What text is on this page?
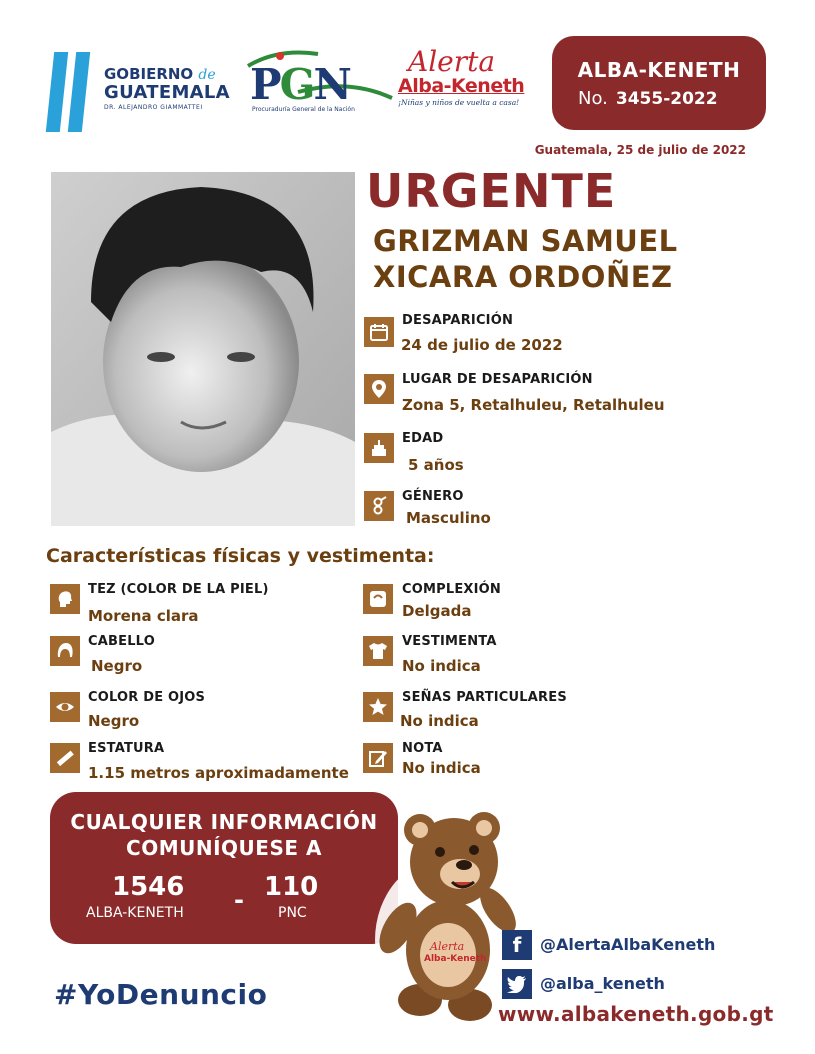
GOBIERNO de
GUATEMALA
DR. ALEJANDRO GIAMMATTEI	PGN
Procuraduría General de la Nación
Alerta
Alba-Keneth
¡Niñas y niños de vuelta a casa!
ALBA-KENETH
No. 3455-2022
Guatemala, 25 de julio de 2022
URGENTE
GRIZMAN SAMUEL
XICARA ORDOÑEZ
DESAPARICIÓN
24 de julio de 2022
LUGAR DE DESAPARICIÓN
Zona 5, Retalhuleu, Retalhuleu
EDAD
5 años
GÉNERO
Masculino
Características físicas y vestimenta:
TEZ (COLOR DE LA PIEL)
Morena clara
CABELLO
Negro
COLOR DE OJOS
Negro
ESTATURA
1.15 metros aproximadamente
COMPLEXIÓN
Delgada
VESTIMENTA
No indica
SEÑAS PARTICULARES
No indica
NOTA
No indica
CUALQUIER INFORMACIÓN
COMUNÍQUESE A
1546
ALBA-KENETH - 110
PNC
#YoDenuncio
Alerta
Alba-Keneth
f	@AlertaAlbaKeneth
@alba_keneth
www.albakeneth.gob.gt
